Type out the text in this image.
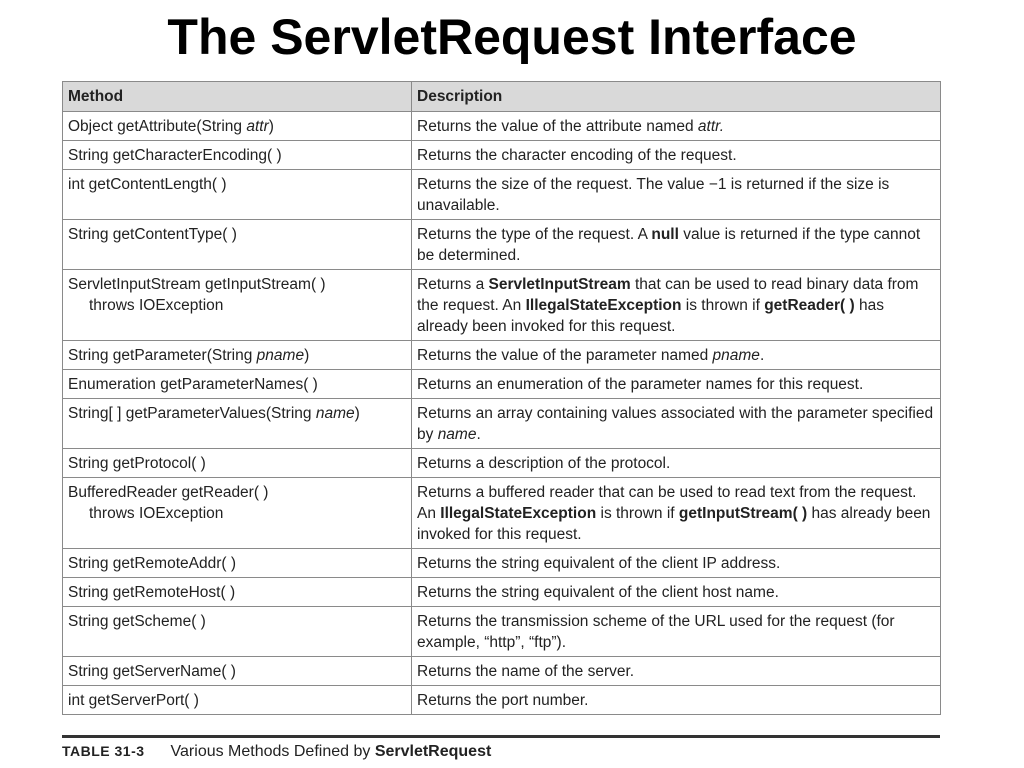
The ServletRequest Interface
Method	Description
Object getAttribute(String attr)	Returns the value of the attribute named attr.
String getCharacterEncoding( )	Returns the character encoding of the request.
int getContentLength( )	Returns the size of the request. The value −1 is returned if the size is unavailable.
String getContentType( )	Returns the type of the request. A null value is returned if the type cannot be determined.
ServletInputStream getInputStream( )
throws IOException	Returns a ServletInputStream that can be used to read binary data from the request. An IllegalStateException is thrown if getReader( ) has already been invoked for this request.
String getParameter(String pname)	Returns the value of the parameter named pname.
Enumeration getParameterNames( )	Returns an enumeration of the parameter names for this request.
String[ ] getParameterValues(String name)	Returns an array containing values associated with the parameter specified by name.
String getProtocol( )	Returns a description of the protocol.
BufferedReader getReader( )
throws IOException	Returns a buffered reader that can be used to read text from the request. An IllegalStateException is thrown if getInputStream( ) has already been invoked for this request.
String getRemoteAddr( )	Returns the string equivalent of the client IP address.
String getRemoteHost( )	Returns the string equivalent of the client host name.
String getScheme( )	Returns the transmission scheme of the URL used for the request (for example, “http”, “ftp”).
String getServerName( )	Returns the name of the server.
int getServerPort( )	Returns the port number.
TABLE 31-3 Various Methods Defined by ServletRequest
